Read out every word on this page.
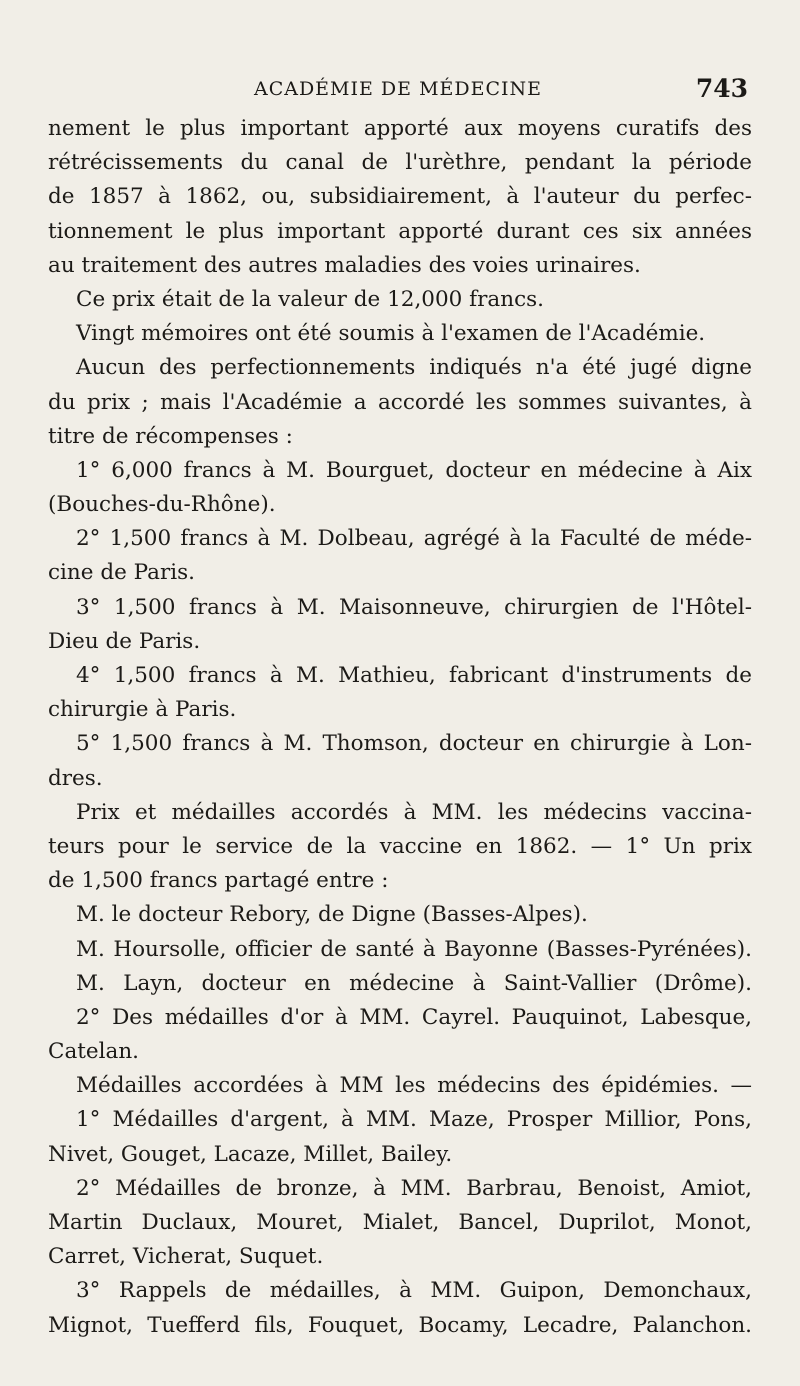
ACADÉMIE DE MÉDECINE	743
nement le plus important apporté aux moyens curatifs des
rétrécissements du canal de l'urèthre, pendant la période
de 1857 à 1862, ou, subsidiairement, à l'auteur du perfec-
tionnement le plus important apporté durant ces six années
au traitement des autres maladies des voies urinaires.
Ce prix était de la valeur de 12,000 francs.
Vingt mémoires ont été soumis à l'examen de l'Académie.
Aucun des perfectionnements indiqués n'a été jugé digne
du prix ; mais l'Académie a accordé les sommes suivantes, à
titre de récompenses :
1° 6,000 francs à M. Bourguet, docteur en médecine à Aix
(Bouches-du-Rhône).
2° 1,500 francs à M. Dolbeau, agrégé à la Faculté de méde-
cine de Paris.
3° 1,500 francs à M. Maisonneuve, chirurgien de l'Hôtel-
Dieu de Paris.
4° 1,500 francs à M. Mathieu, fabricant d'instruments de
chirurgie à Paris.
5° 1,500 francs à M. Thomson, docteur en chirurgie à Lon-
dres.
Prix et médailles accordés à MM. les médecins vaccina-
teurs pour le service de la vaccine en 1862. — 1° Un prix
de 1,500 francs partagé entre :
M. le docteur Rebory, de Digne (Basses-Alpes).
M. Hoursolle, officier de santé à Bayonne (Basses-Pyrénées).
M. Layn, docteur en médecine à Saint-Vallier (Drôme).
2° Des médailles d'or à MM. Cayrel. Pauquinot, Labesque,
Catelan.
Médailles accordées à MM les médecins des épidémies. —
1° Médailles d'argent, à MM. Maze, Prosper Millior, Pons,
Nivet, Gouget, Lacaze, Millet, Bailey.
2° Médailles de bronze, à MM. Barbrau, Benoist, Amiot,
Martin Duclaux, Mouret, Mialet, Bancel, Duprilot, Monot,
Carret, Vicherat, Suquet.
3° Rappels de médailles, à MM. Guipon, Demonchaux,
Mignot, Tuefferd fils, Fouquet, Bocamy, Lecadre, Palanchon.
